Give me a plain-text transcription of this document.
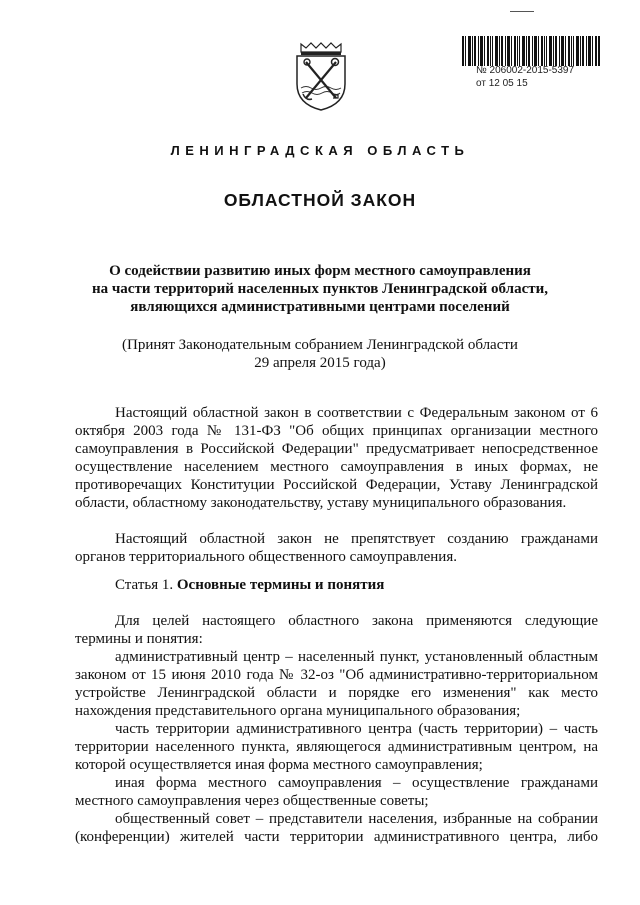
№ 206002-2015-5397
от 12 05 15
ЛЕНИНГРАДСКАЯ ОБЛАСТЬ
ОБЛАСТНОЙ ЗАКОН
О содействии развитию иных форм местного самоуправления
на части территорий населенных пунктов Ленинградской области,
являющихся административными центрами поселений
(Принят Законодательным собранием Ленинградской области
29 апреля 2015 года)

Настоящий областной закон в соответствии с Федеральным законом от 6 октября 2003 года № 131-ФЗ "Об общих принципах организации местного самоуправления в Российской Федерации" предусматривает непосредственное осуществление населением местного самоуправления в иных формах, не противоречащих Конституции Российской Федерации, Уставу Ленинградской области, областному законодательству, уставу муниципального образования.

Настоящий областной закон не препятствует созданию гражданами органов территориального общественного самоуправления.

Статья 1. Основные термины и понятия

Для целей настоящего областного закона применяются следующие термины и понятия:

административный центр – населенный пункт, установленный областным законом от 15 июня 2010 года № 32-оз "Об административно-территориальном устройстве Ленинградской области и порядке его изменения" как место нахождения представительного органа муниципального образования;

часть территории административного центра (часть территории) – часть территории населенного пункта, являющегося административным центром, на которой осуществляется иная форма местного самоуправления;

иная форма местного самоуправления – осуществление гражданами местного самоуправления через общественные советы;

общественный совет – представители населения, избранные на собрании (конференции) жителей части территории административного центра, либо
